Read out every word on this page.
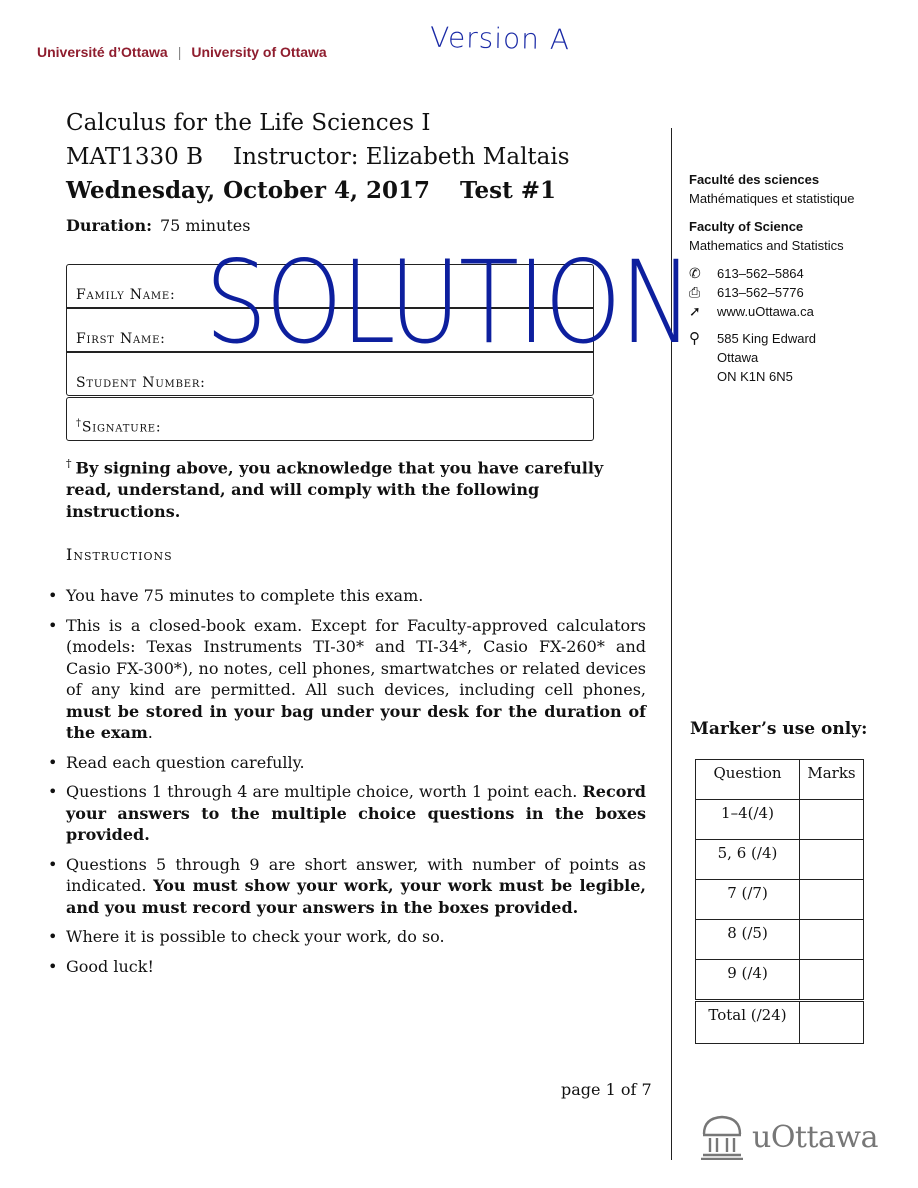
Université d’Ottawa | University of Ottawa	Version A
Calculus for the Life Sciences I
MAT1330 B Instructor: Elizabeth Maltais
Wednesday, October 4, 2017 Test #1
Duration: 75 minutes
Faculté des sciences
Mathématiques et statistique
Faculty of Science
Mathematics and Statistics
✆	613–562–5864
⎙	613–562–5776
➚	www.uOttawa.ca
⚲	585 King Edward
Ottawa
ON K1N 6N5
Family Name:
First Name:
Student Number:
†Signature:
SOLUTION
† By signing above, you acknowledge that you have carefully read, understand, and will comply with the following instructions.
Instructions
• You have 75 minutes to complete this exam.
• This is a closed-book exam. Except for Faculty-approved calculators (models: Texas Instruments TI-30* and TI-34*, Casio FX-260* and Casio FX-300*), no notes, cell phones, smartwatches or related devices of any kind are permitted. All such devices, including cell phones, must be stored in your bag under your desk for the duration of the exam.
• Read each question carefully.
• Questions 1 through 4 are multiple choice, worth 1 point each. Record your answers to the multiple choice questions in the boxes provided.
• Questions 5 through 9 are short answer, with number of points as indicated. You must show your work, your work must be legible, and you must record your answers in the boxes provided.
• Where it is possible to check your work, do so.
• Good luck!
page 1 of 7
Marker’s use only:
Question	Marks
1–4(/4)	
5, 6 (/4)	
7 (/7)	
8 (/5)	
9 (/4)	

Total (/24)	
uOttawa
